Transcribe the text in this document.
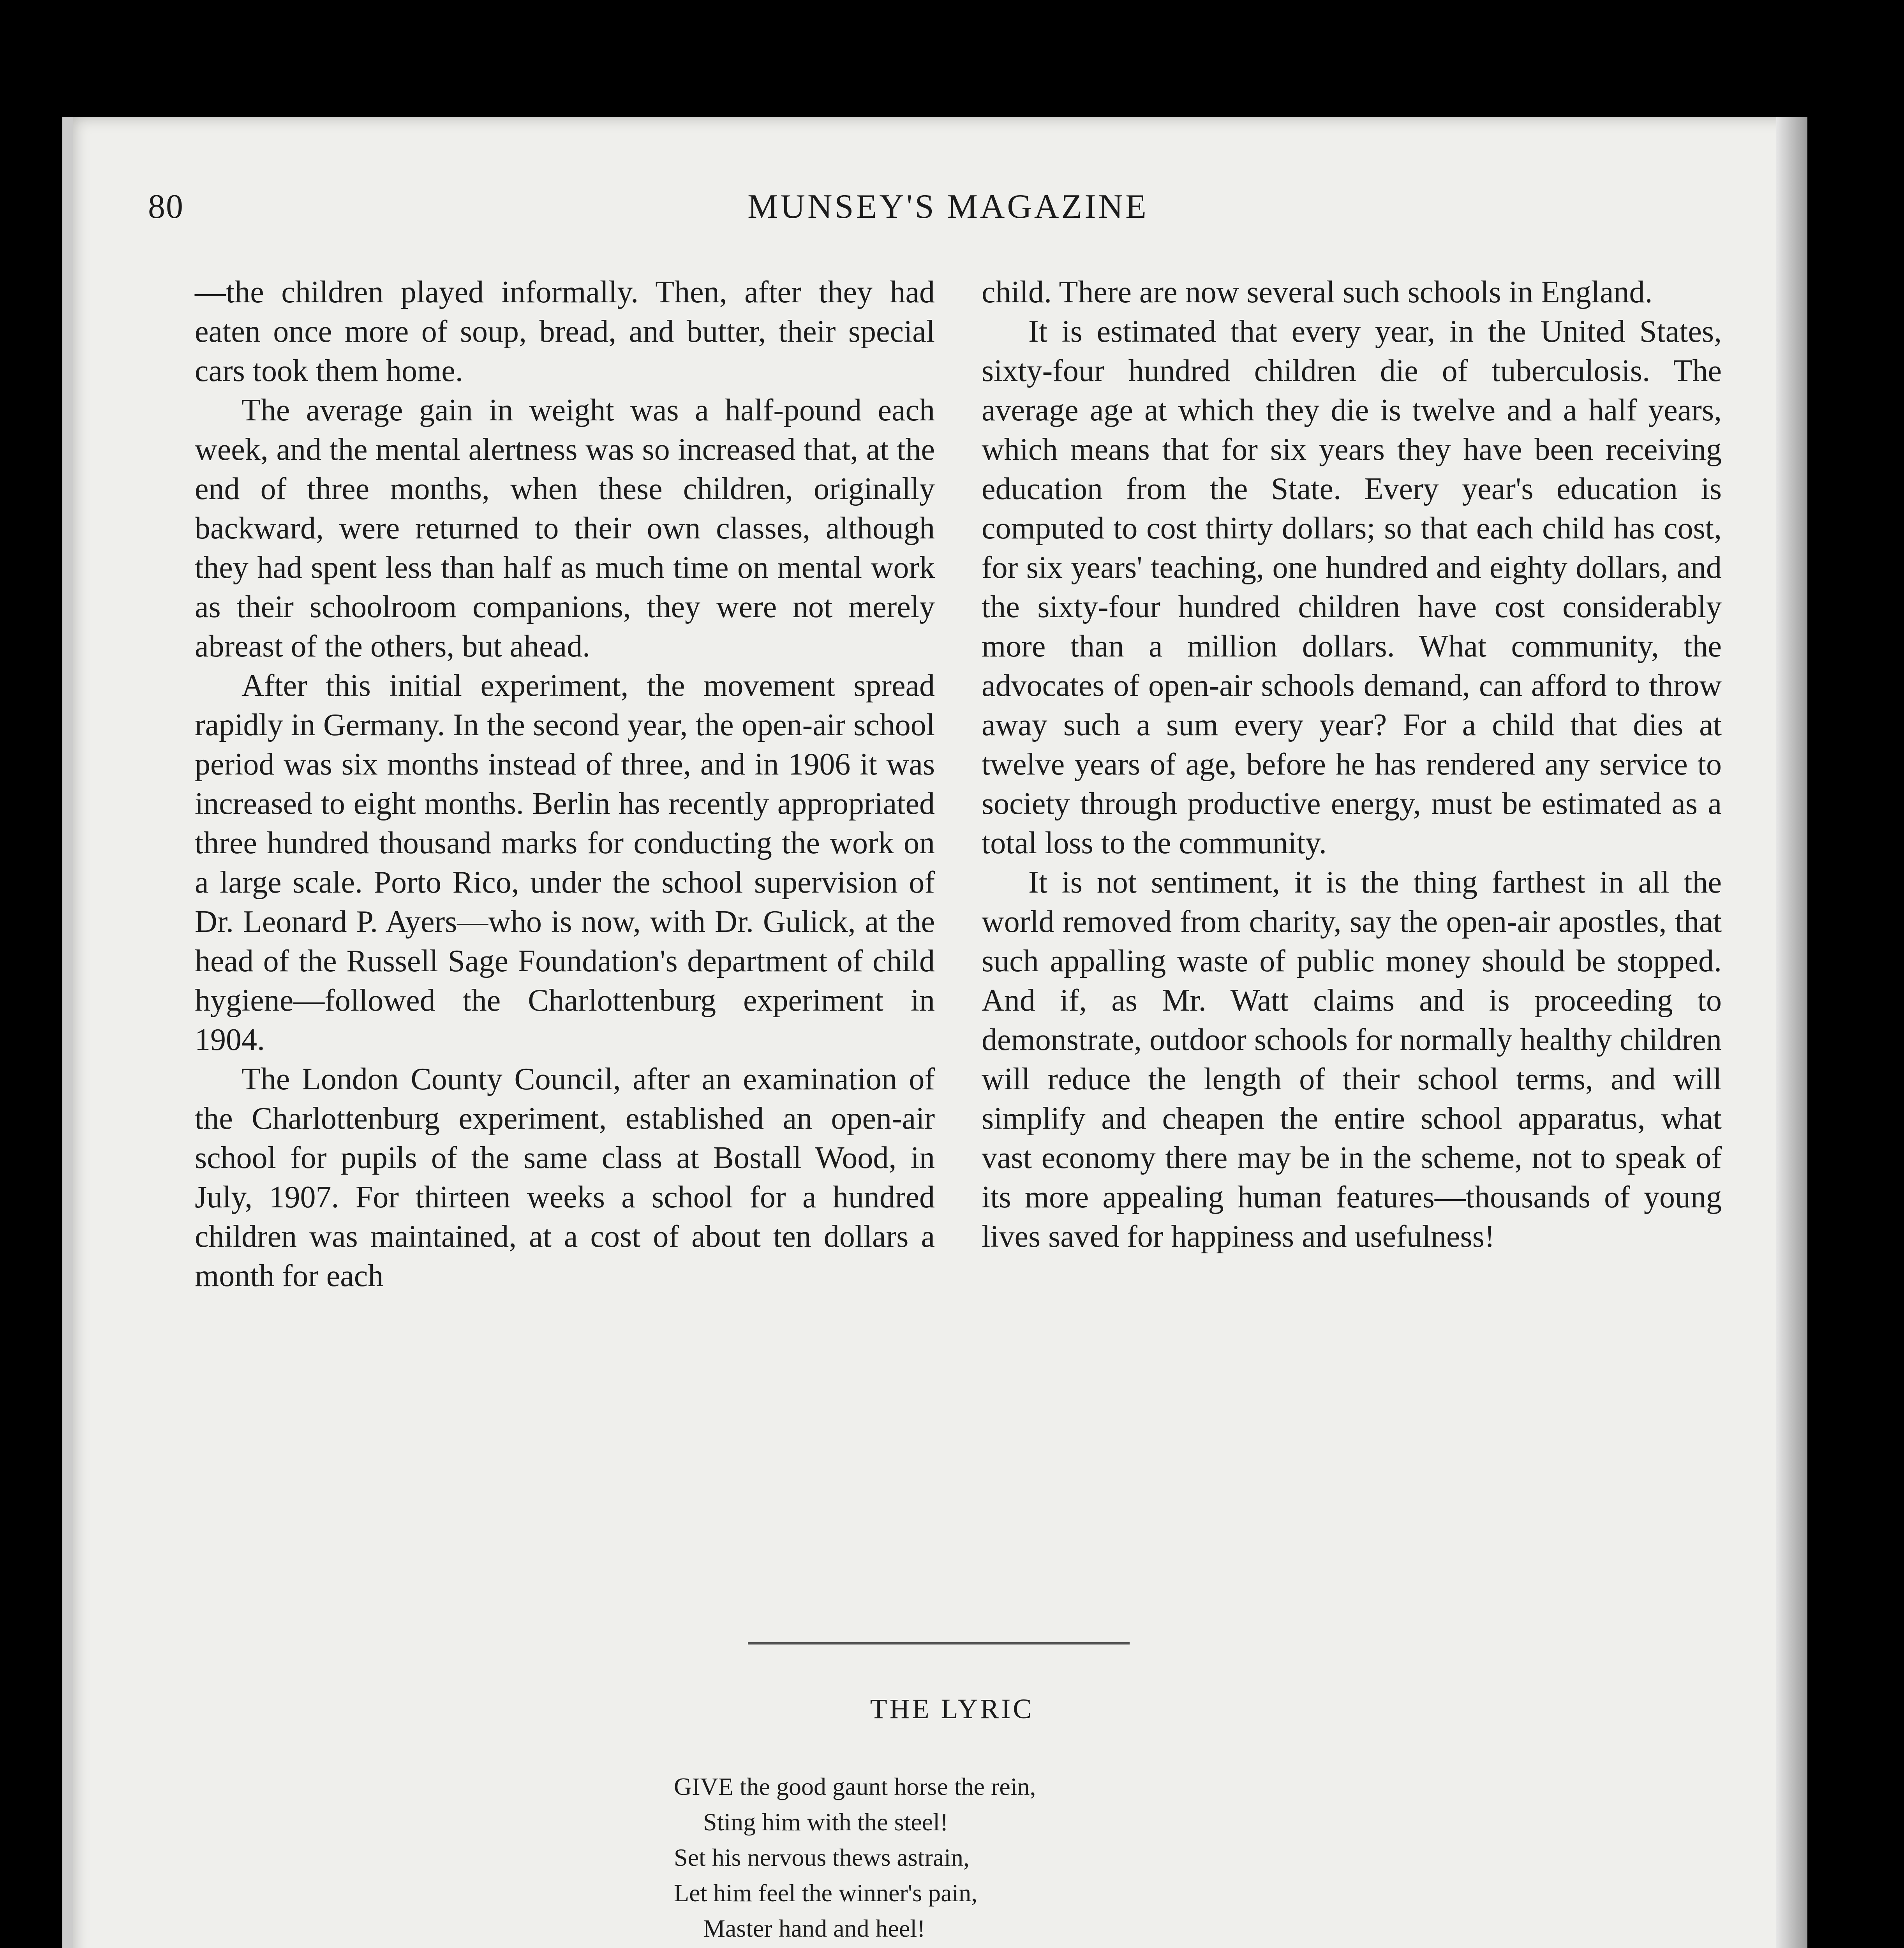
MUNSEY'S MAGAZINE
80

—the children played informally. Then, after they had eaten once more of soup, bread, and butter, their special cars took them home.

The average gain in weight was a half-pound each week, and the mental alertness was so increased that, at the end of three months, when these children, originally backward, were returned to their own classes, although they had spent less than half as much time on mental work as their schoolroom companions, they were not merely abreast of the others, but ahead.

After this initial experiment, the movement spread rapidly in Germany. In the second year, the open-air school period was six months instead of three, and in 1906 it was increased to eight months. Berlin has recently appropriated three hundred thousand marks for conducting the work on a large scale. Porto Rico, under the school supervision of Dr. Leonard P. Ayers—who is now, with Dr. Gulick, at the head of the Russell Sage Foundation's department of child hygiene—followed the Charlottenburg experiment in 1904.

The London County Council, after an examination of the Charlottenburg experiment, established an open-air school for pupils of the same class at Bostall Wood, in July, 1907. For thirteen weeks a school for a hundred children was maintained, at a cost of about ten dollars a month for each

child. There are now several such schools in England.

It is estimated that every year, in the United States, sixty-four hundred children die of tuberculosis. The average age at which they die is twelve and a half years, which means that for six years they have been receiving education from the State. Every year's education is computed to cost thirty dollars; so that each child has cost, for six years' teaching, one hundred and eighty dollars, and the sixty-four hundred children have cost considerably more than a million dollars. What community, the advocates of open-air schools demand, can afford to throw away such a sum every year? For a child that dies at twelve years of age, before he has rendered any service to society through productive energy, must be estimated as a total loss to the community.

It is not sentiment, it is the thing farthest in all the world removed from charity, say the open-air apostles, that such appalling waste of public money should be stopped. And if, as Mr. Watt claims and is proceeding to demonstrate, outdoor schools for normally healthy children will reduce the length of their school terms, and will simplify and cheapen the entire school apparatus, what vast economy there may be in the scheme, not to speak of its more appealing human features—thousands of young lives saved for happiness and usefulness!

THE LYRIC
GIVE the good gaunt horse the rein,
Sting him with the steel!
Set his nervous thews astrain,
Let him feel the winner's pain,
Master hand and heel!
